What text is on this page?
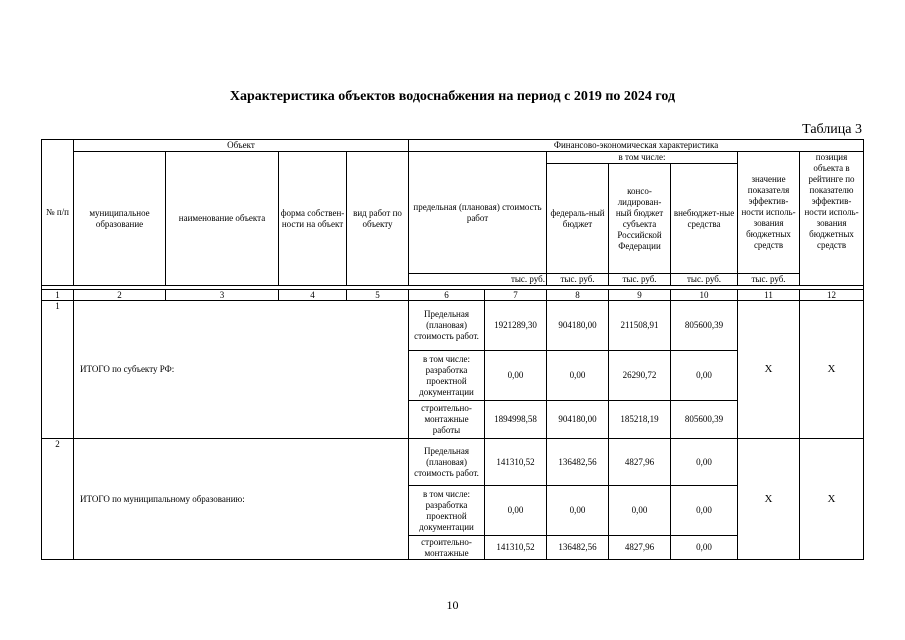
Характеристика объектов водоснабжения на период с 2019 по 2024 год
Таблица 3
№ п/п	Объект				Финансово-экономическая характеристика						
	муниципальное образование	наименование объекта	форма собствен-ности на объект	вид работ по объекту	предельная (плановая) стоимость работ		в том числе:			значение показателя эффектив-ности исполь-зования бюджетных средств	позиция объекта в рейтинге по показателю эффектив-ности исполь-зования бюджетных средств
							федераль-ный бюджет	консо-лидирован-ный бюджет субъекта Российской Федерации	внебюджет-ные средства		
					тыс. руб.		тыс. руб.	тыс. руб.	тыс. руб.	тыс. руб.	

1	2	3	4	5	6	7	8	9	10	11	12
1	ИТОГО по субъекту РФ:				Предельная (плановая) стоимость работ.	1921289,30	904180,00	211508,91	805600,39	X	X
					в том числе: разработка проектной документации	0,00	0,00	26290,72	0,00		
					строительно-монтажные работы	1894998,58	904180,00	185218,19	805600,39		
2	ИТОГО по муниципальному образованию:				Предельная (плановая) стоимость работ.	141310,52	136482,56	4827,96	0,00	X	X
					в том числе: разработка проектной документации	0,00	0,00	0,00	0,00		
					строительно-монтажные	141310,52	136482,56	4827,96	0,00		
10
